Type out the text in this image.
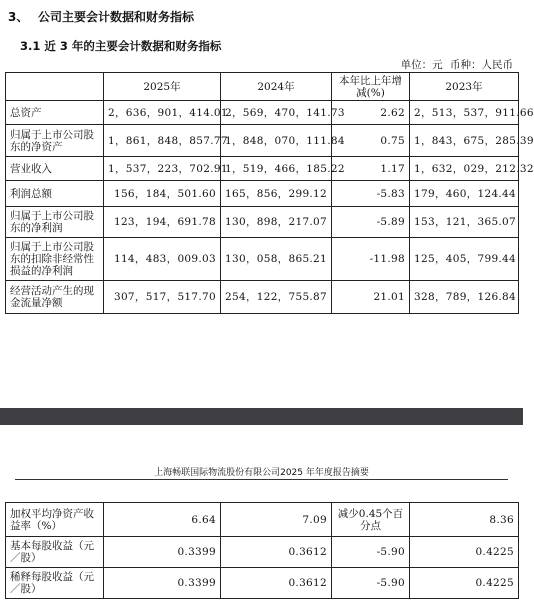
3、 公司主要会计数据和财务指标
3.1 近 3 年的主要会计数据和财务指标
单位：元 币种：人民币
	2025年	2024年	本年比上年增减(%)	2023年
总资产	2，636，901，414.01	2，569，470，141.73	2.62	2，513，537，911.66
归属于上市公司股东的净资产	1，861，848，857.77	1，848，070，111.84	0.75	1，843，675，285.39
营业收入	1，537，223，702.91	1，519，466，185.22	1.17	1，632，029，212.32
利润总额	156，184，501.60	165，856，299.12	-5.83	179，460，124.44
归属于上市公司股东的净利润	123，194，691.78	130，898，217.07	-5.89	153，121，365.07
归属于上市公司股东的扣除非经常性损益的净利润	114，483，009.03	130，058，865.21	-11.98	125，405，799.44
经营活动产生的现金流量净额	307，517，517.70	254，122，755.87	21.01	328，789，126.84
上海畅联国际物流股份有限公司2025 年年度报告摘要
加权平均净资产收益率（%）	6.64	7.09	减少0.45个百分点	8.36
基本每股收益（元／股）	0.3399	0.3612	-5.90	0.4225
稀释每股收益（元／股）	0.3399	0.3612	-5.90	0.4225
